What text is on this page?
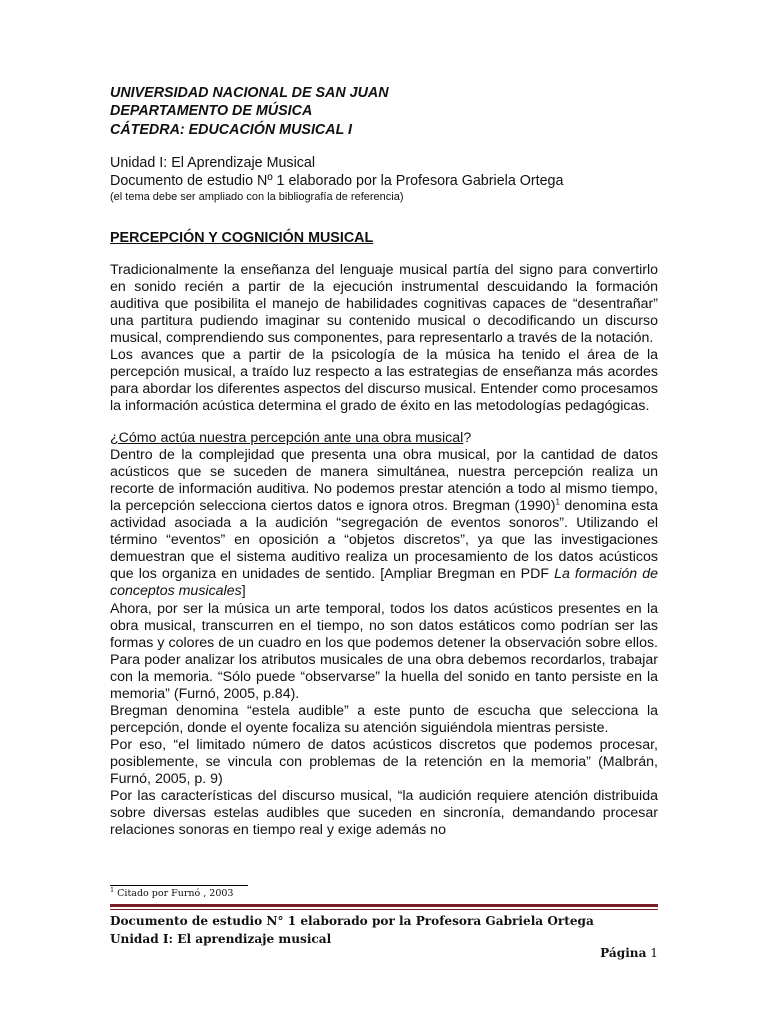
UNIVERSIDAD NACIONAL DE SAN JUAN
DEPARTAMENTO DE MÚSICA
CÁTEDRA: EDUCACIÓN MUSICAL I
Unidad I: El Aprendizaje Musical
Documento de estudio Nº 1 elaborado por la Profesora Gabriela Ortega
(el tema debe ser ampliado con la bibliografía de referencia)
PERCEPCIÓN Y COGNICIÓN MUSICAL

Tradicionalmente la enseñanza del lenguaje musical partía del signo para convertirlo en sonido recién a partir de la ejecución instrumental descuidando la formación auditiva que posibilita el manejo de habilidades cognitivas capaces de “desentrañar” una partitura pudiendo imaginar su contenido musical o decodificando un discurso musical, comprendiendo sus componentes, para representarlo a través de la notación.

Los avances que a partir de la psicología de la música ha tenido el área de la percepción musical, a traído luz respecto a las estrategias de enseñanza más acordes para abordar los diferentes aspectos del discurso musical. Entender como procesamos la información acústica determina el grado de éxito en las metodologías pedagógicas.

¿Cómo actúa nuestra percepción ante una obra musical?

Dentro de la complejidad que presenta una obra musical, por la cantidad de datos acústicos que se suceden de manera simultánea, nuestra percepción realiza un recorte de información auditiva. No podemos prestar atención a todo al mismo tiempo, la percepción selecciona ciertos datos e ignora otros. Bregman $(1990)^1$ denomina esta actividad asociada a la audición “segregación de eventos sonoros”. Utilizando el término “eventos” en oposición a “objetos discretos”, ya que las investigaciones demuestran que el sistema auditivo realiza un procesamiento de los datos acústicos que los organiza en unidades de sentido. [Ampliar Bregman en PDF La formación de conceptos musicales]

Ahora, por ser la música un arte temporal, todos los datos acústicos presentes en la obra musical, transcurren en el tiempo, no son datos estáticos como podrían ser las formas y colores de un cuadro en los que podemos detener la observación sobre ellos. Para poder analizar los atributos musicales de una obra debemos recordarlos, trabajar con la memoria. “Sólo puede “observarse” la huella del sonido en tanto persiste en la memoria” (Furnó, 2005, p.84).

Bregman denomina “estela audible” a este punto de escucha que selecciona la percepción, donde el oyente focaliza su atención siguiéndola mientras persiste.

Por eso, “el limitado número de datos acústicos discretos que podemos procesar, posiblemente, se vincula con problemas de la retención en la memoria” (Malbrán, Furnó, 2005, p. 9)

Por las características del discurso musical, “la audición requiere atención distribuida sobre diversas estelas audibles que suceden en sincronía, demandando procesar relaciones sonoras en tiempo real y exige además no

$^1$ Citado por Furnó , 2003
Documento de estudio N° 1 elaborado por la Profesora Gabriela Ortega
Unidad I: El aprendizaje musical
Página 1
